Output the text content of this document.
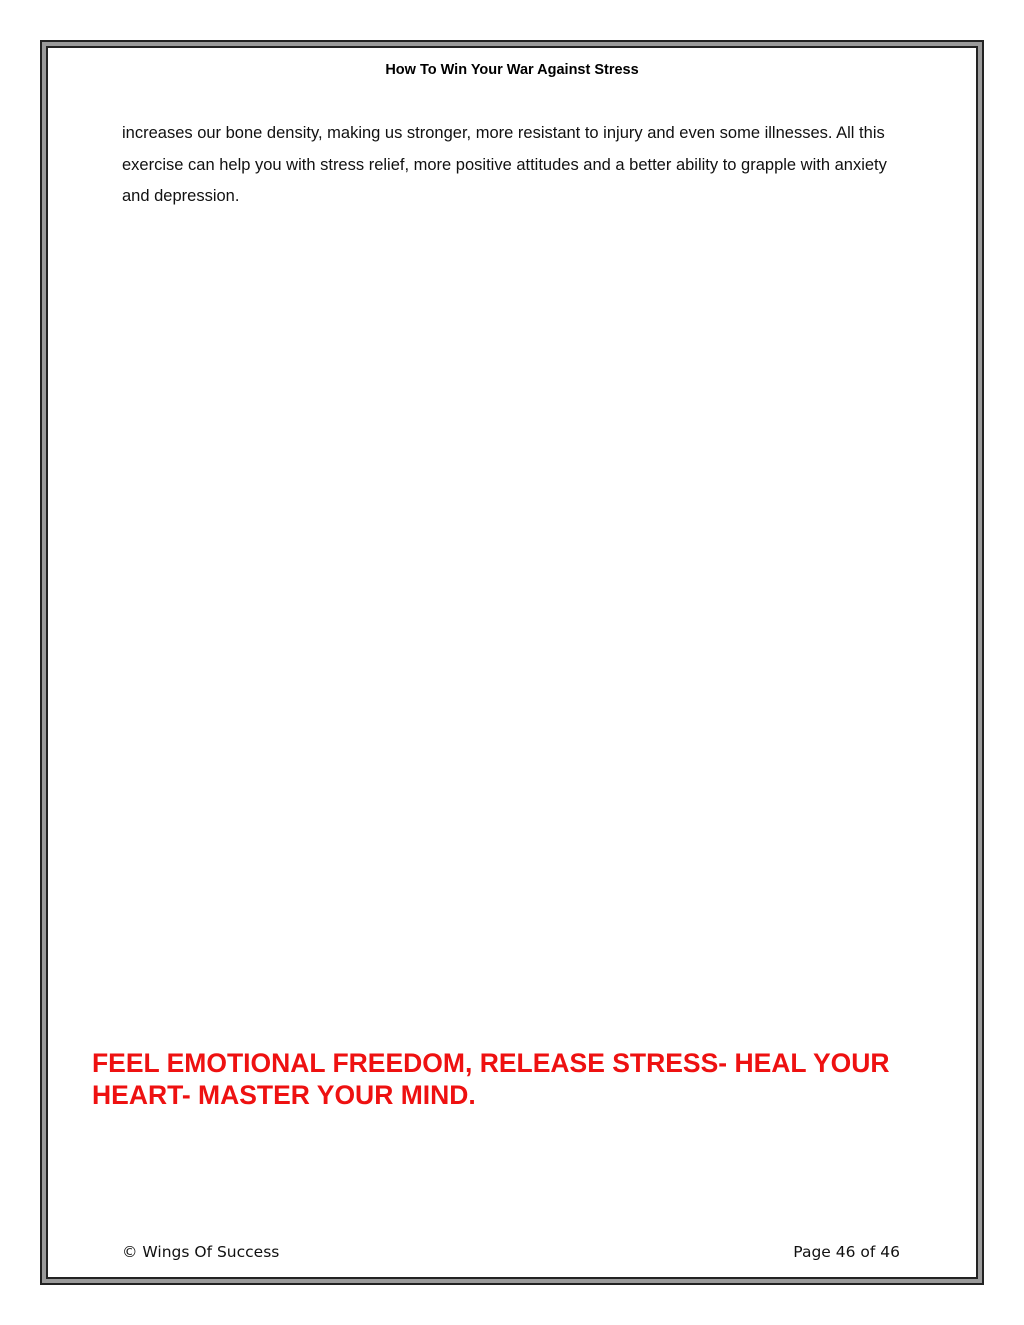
How To Win Your War Against Stress

increases our bone density, making us stronger, more resistant to injury and even some illnesses. All this exercise can help you with stress relief, more positive attitudes and a better ability to grapple with anxiety and depression.

FEEL EMOTIONAL FREEDOM, RELEASE STRESS- HEAL YOUR HEART- MASTER YOUR MIND.
© Wings Of Success	Page 46 of 46
